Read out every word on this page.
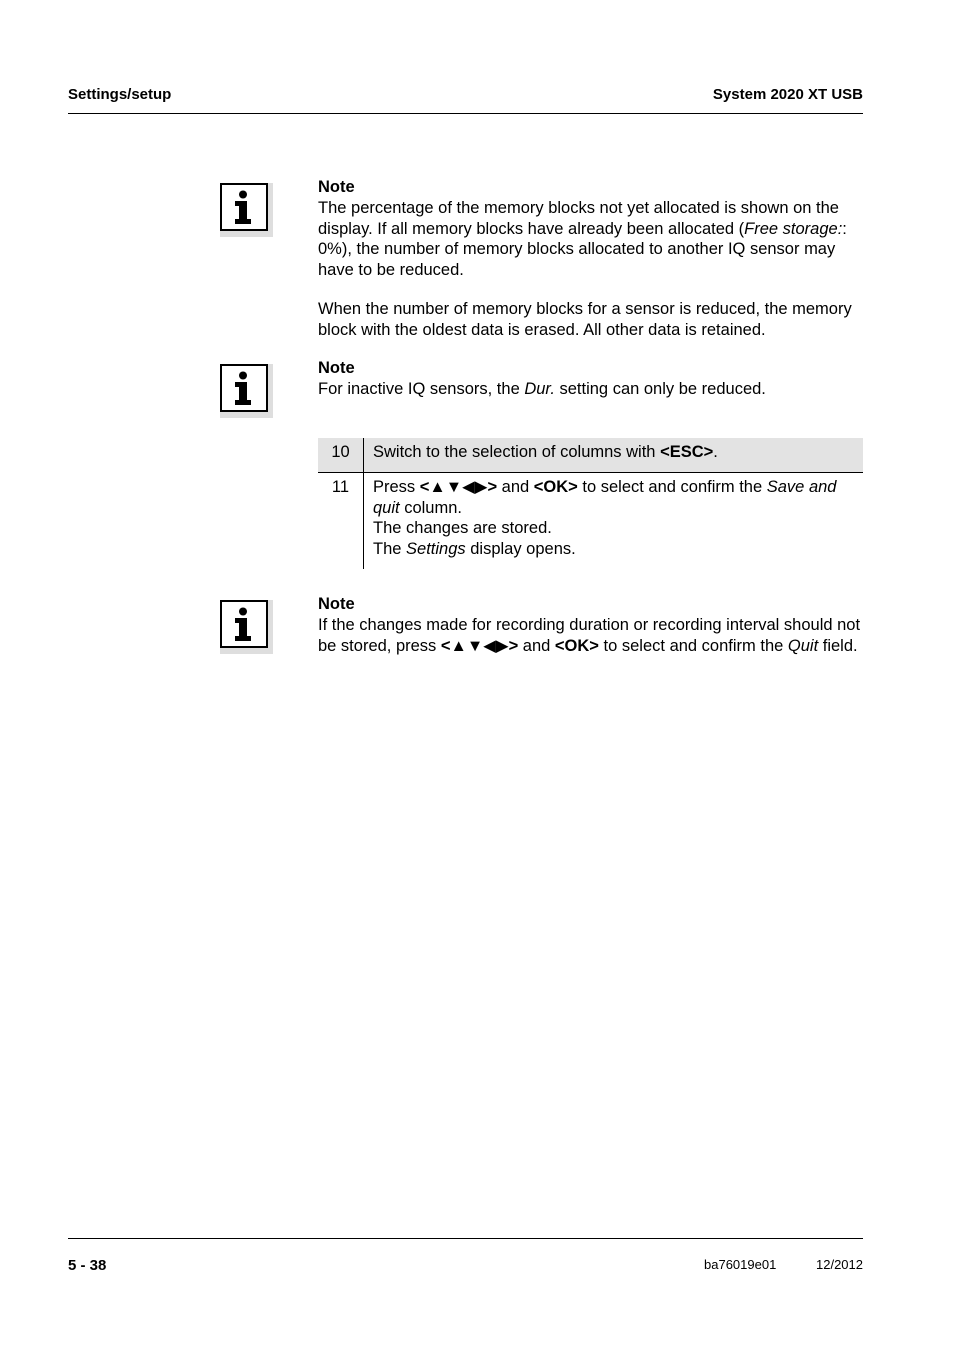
Settings/setup	System 2020 XT USB
Note

The percentage of the memory blocks not yet allocated is shown on the display. If all memory blocks have already been allocated (Free storage:: 0%), the number of memory blocks allocated to another IQ sensor may have to be reduced.

When the number of memory blocks for a sensor is reduced, the memory block with the oldest data is erased. All other data is retained.

Note

For inactive IQ sensors, the Dur. setting can only be reduced.

10	Switch to the selection of columns with <ESC>.
11	Press <▲▼◀▶> and <OK> to select and confirm the Save and quit column.
The changes are stored.
The Settings display opens.
Note

If the changes made for recording duration or recording interval should not be stored, press <▲▼◀▶> and <OK> to select and confirm the Quit field.

5 - 38	ba76019e01	12/2012
